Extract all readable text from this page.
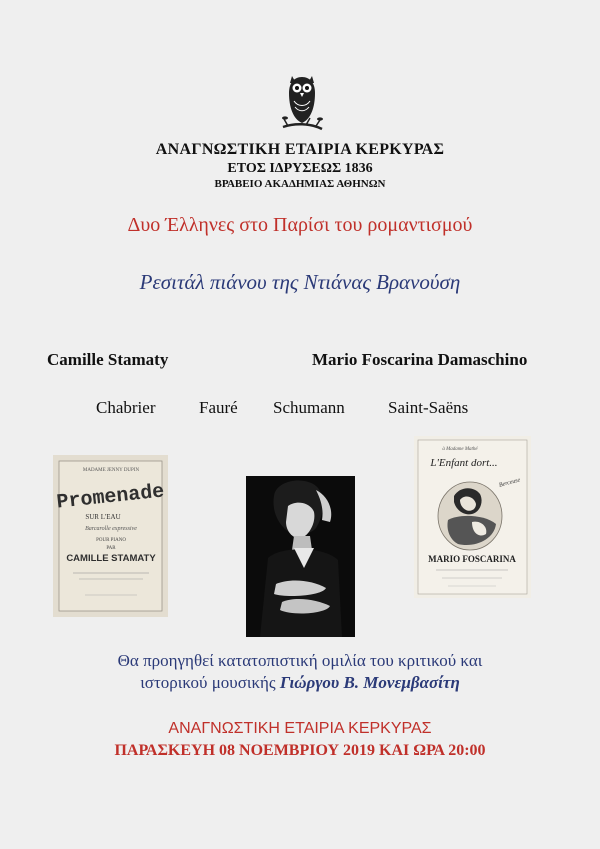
ΑΝΑΓΝΩΣΤΙΚΗ ΕΤΑΙΡΙΑ ΚΕΡΚΥΡΑΣ
ΕΤΟΣ ΙΔΡΥΣΕΩΣ 1836
ΒΡΑΒΕΙΟ ΑΚΑΔΗΜΙΑΣ ΑΘΗΝΩΝ
Δυο Έλληνες στο Παρίσι του ρομαντισμού
Ρεσιτάλ πιάνου της Ντιάνας Βρανούση
Camille Stamaty	Mario Foscarina Damaschino
Chabrier	Fauré Schumann	Saint-Saëns
MADAME JENNY DUPIN
Promenade
SUR L'EAU
Barcarolle expressive
POUR PIANO
PAR
CAMILLE STAMATY
à Madame Mathé
L'Enfant dort...
Berceuse
MARIO FOSCARINA
Θα προηγηθεί κατατοπιστική ομιλία του κριτικού και
ιστορικού μουσικής Γιώργου Β. Μονεμβασίτη
ΑΝΑΓΝΩΣΤΙΚΗ ΕΤΑΙΡΙΑ ΚΕΡΚΥΡΑΣ
ΠΑΡΑΣΚΕΥΗ 08 ΝΟΕΜΒΡΙΟΥ 2019 ΚΑΙ ΩΡΑ 20:00
